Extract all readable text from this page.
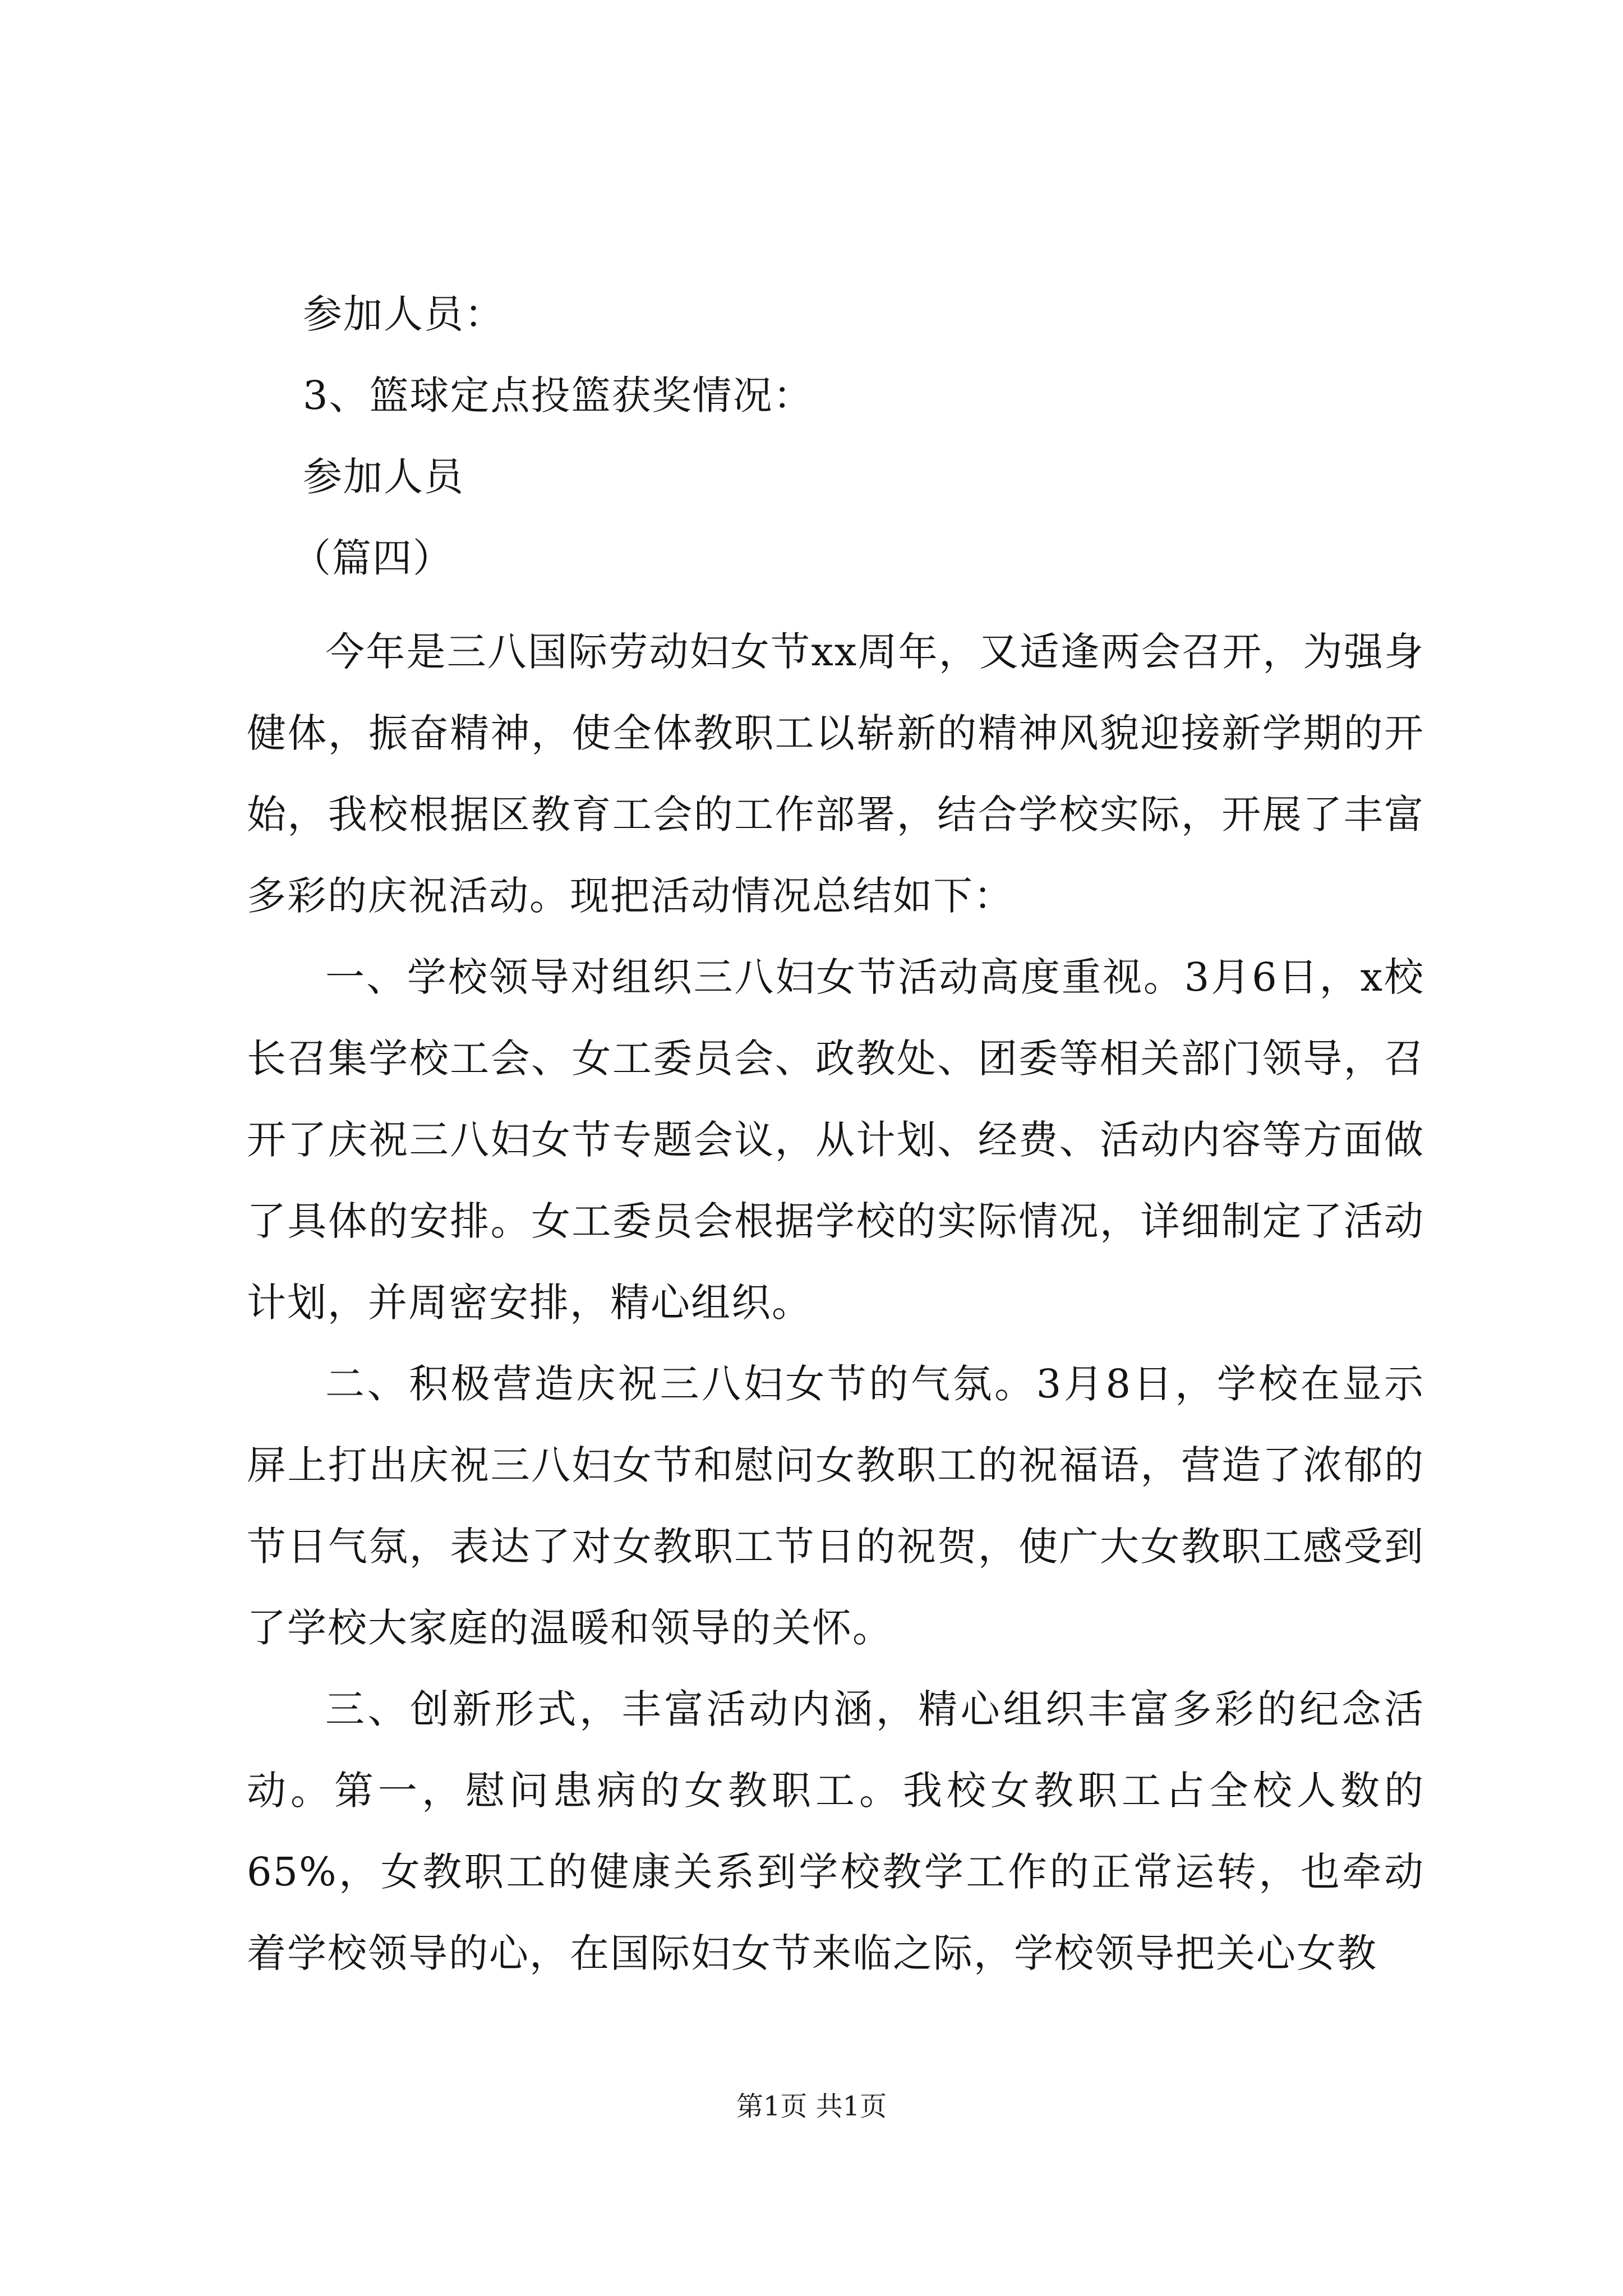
参加人员：
3、篮球定点投篮获奖情况：
参加人员
（篇四）

今年是三八国际劳动妇女节xx周年，又适逢两会召开，为强身健体，振奋精神，使全体教职工以崭新的精神风貌迎接新学期的开始，我校根据区教育工会的工作部署，结合学校实际，开展了丰富多彩的庆祝活动。现把活动情况总结如下：

一、学校领导对组织三八妇女节活动高度重视。3月6日，x校长召集学校工会、女工委员会、政教处、团委等相关部门领导，召开了庆祝三八妇女节专题会议，从计划、经费、活动内容等方面做了具体的安排。女工委员会根据学校的实际情况，详细制定了活动计划，并周密安排，精心组织。

二、积极营造庆祝三八妇女节的气氛。3月8日，学校在显示屏上打出庆祝三八妇女节和慰问女教职工的祝福语，营造了浓郁的节日气氛，表达了对女教职工节日的祝贺，使广大女教职工感受到了学校大家庭的温暖和领导的关怀。

三、创新形式，丰富活动内涵，精心组织丰富多彩的纪念活动。第一，慰问患病的女教职工。我校女教职工占全校人数的65%，女教职工的健康关系到学校教学工作的正常运转，也牵动着学校领导的心，在国际妇女节来临之际，学校领导把关心女教

第1页 共1页
